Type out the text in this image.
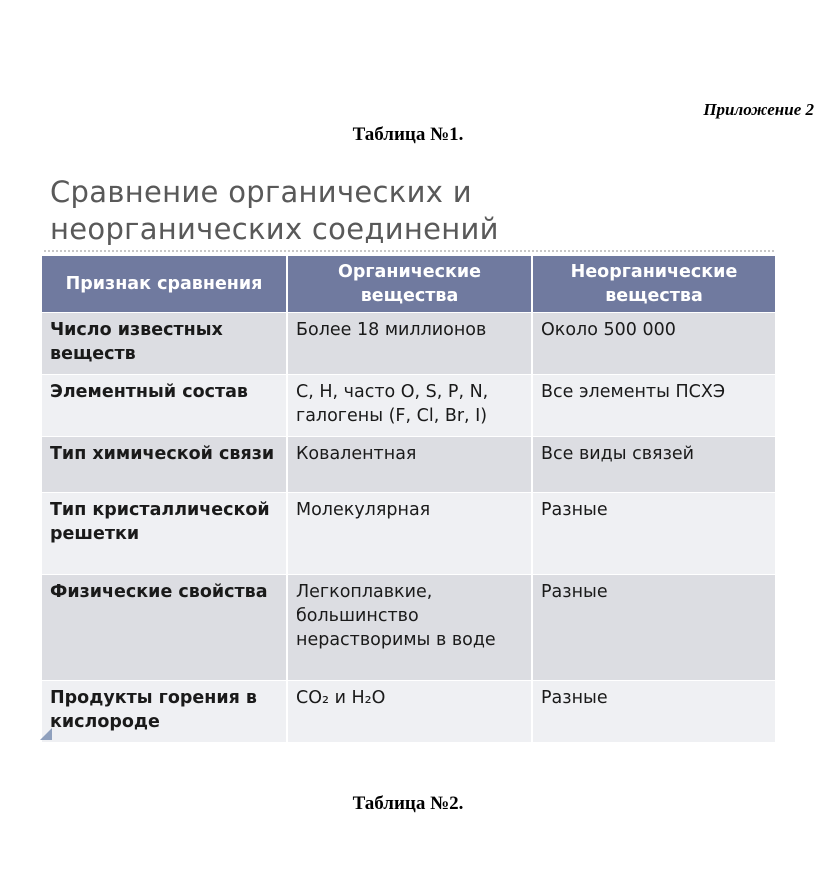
Приложение 2
Таблица №1.
Сравнение органических и
неорганических соединений
Признак сравнения	Органические вещества	Неорганические вещества
Число известных веществ	Более 18 миллионов	Около 500 000
Элементный состав	C, H, часто O, S, P, N, галогены (F, Cl, Br, I)	Все элементы ПСХЭ
Тип химической связи	Ковалентная	Все виды связей
Тип кристаллической решетки	Молекулярная	Разные
Физические свойства	Легкоплавкие, большинство нерастворимы в воде	Разные
Продукты горения в кислороде	CO₂ и H₂O	Разные
Таблица №2.
